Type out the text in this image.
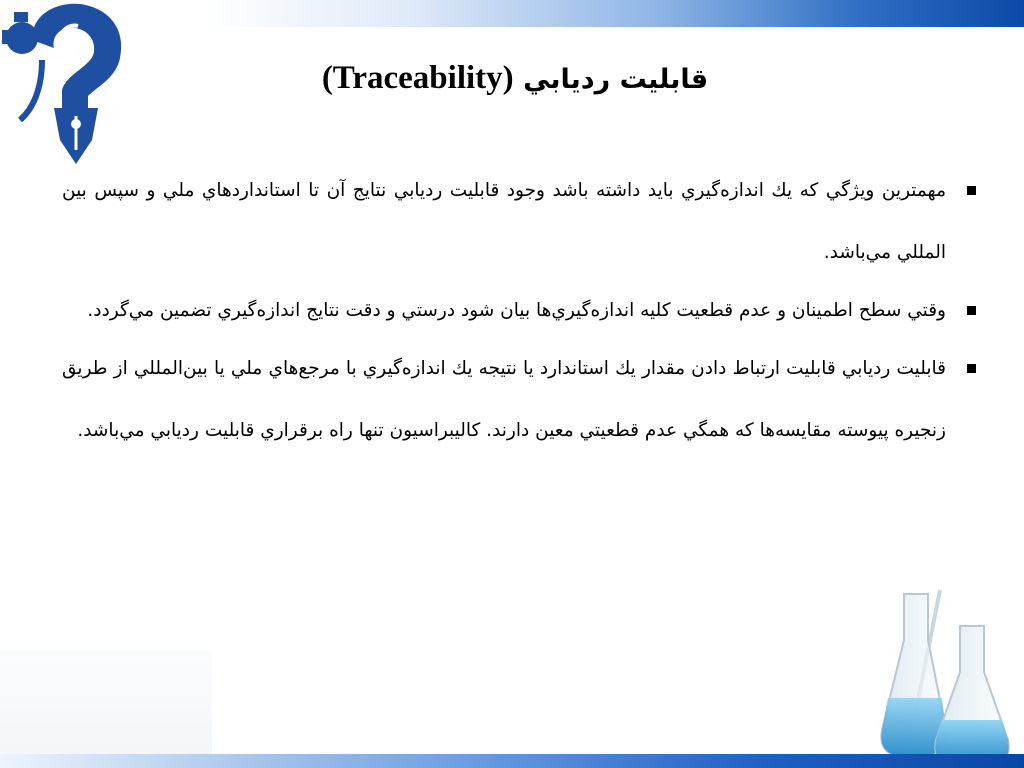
قابليت رديابي (Traceability)

مهمترين ويژگي كه يك اندازه‌گيري بايد داشته باشد وجود قابليت رديابي نتايج آن تا استانداردهاي ملي و سپس بين المللي مي‌باشد.

وقتي سطح اطمينان و عدم قطعيت كليه اندازه‌گيري‌ها بيان شود درستي و دقت نتايج اندازه‌گيري تضمين مي‌گردد.

قابليت رديابي قابليت ارتباط دادن مقدار يك استاندارد يا نتيجه يك اندازه‌گيري با مرجع‌هاي ملي يا بين‌المللي از طريق زنجيره پيوسته مقايسه‌ها كه همگي عدم قطعيتي معين دارند. كاليبراسيون تنها راه برقراري قابليت رديابي مي‌باشد.
